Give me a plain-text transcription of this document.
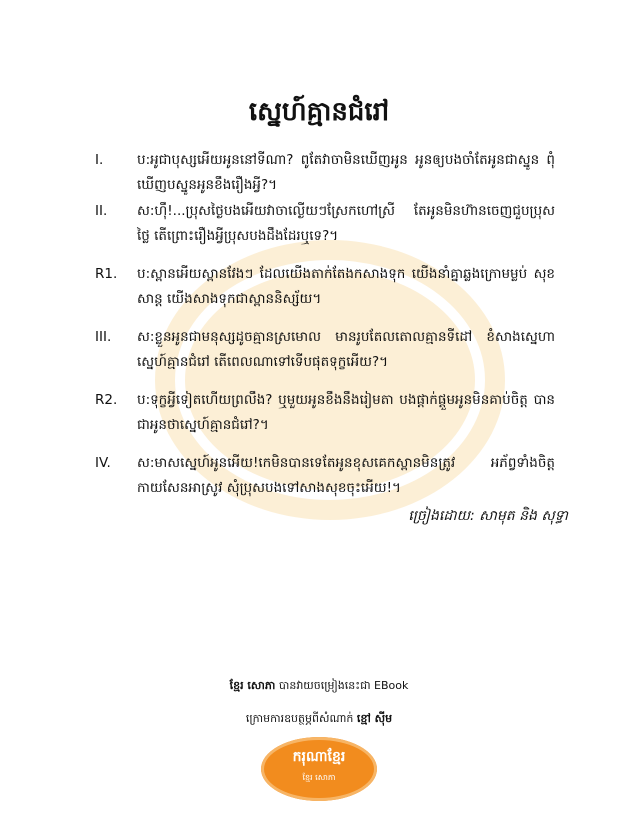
ស្នេហ៍គ្មានជំរៅ
I.	ប:អូជាបុស្សអើយអូននៅទីណា? ពូតែវាចាមិនឃើញអូន អូនឲ្យបងចាំតែអូនជាស្នូន ពុំឃើញបស្នូនអូនខឹងរឿងអ្វី?។
II.	ស:ហ៊ឹ!...ប្រុសថ្ងៃបងអើយវាចាល្ងើយៗស្រែកហៅស្រី តែអូនមិនហ៊ានចេញជួបប្រុស ថ្លៃ តើព្រោះរឿងអ្វីប្រុសបងដឹងដែរឬទេ?។
R1.	ប:ស្ពានអើយស្ពានវែងៗ ដែលយើងតាក់តែងកសាងទុក យើងនាំគ្នាឆ្លងក្រោមម្លប់ សុខសាន្ត យើងសាងទុកជាស្ពាននិស្ស័យ។
III.	ស:ខ្លួនអូនជាមនុស្សដូចគ្មានស្រមោល មានរូបតែលតោលគ្មានទីដៅ ខំសាងស្នេហា ស្នេហ៍គ្មានជំរៅ តើពេលណាទៅទើបផុតទុក្ខអើយ?។
R2.	ប:ទុក្ខអ្វីទៀតហើយព្រលឹង? ឬមួយអូនខឹងនឹងរៀមតា បងផ្ដាក់ផ្ដួមអូនមិនគាប់ចិត្ត បានជាអូនថាស្នេហ៍គ្មានជំរៅ?។
IV.	ស:មាសស្នេហ៍អូនអើយ!កេមិនបានទេតែអូនខុសគេកស្ពានមិនត្រូវ អភ័ព្វទាំងចិត្តកាយសែនអាស្រូវ សុំប្រុសបងទៅសាងសុខចុះអើយ!។
ច្រៀងដោយ: សាមុត និង សុទ្ធា
ខ្មែរ សោភា បានវាយចម្រៀងនេះជា EBook
ក្រោមការឧបត្ថម្ភពីសំណាក់ ខ្មៅ ស៊ីម
ករុណាខ្មែរ
ខ្មែរ សោភា
